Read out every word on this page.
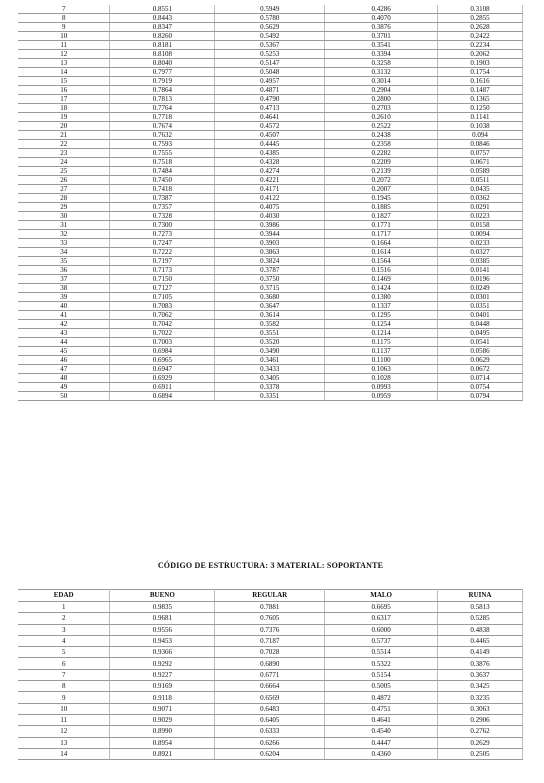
7	0.8551	0.5949	0.4286	0.3108
8	0.8443	0.5780	0.4070	0.2855
9	0.8347	0.5629	0.3876	0.2628
10	0.8260	0.5492	0.3701	0.2422
11	0.8181	0.5367	0.3541	0.2234
12	0.8108	0.5253	0.3394	0.2062
13	0.8040	0.5147	0.3258	0.1903
14	0.7977	0.5048	0.3132	0.1754
15	0.7919	0.4957	0.3014	0.1616
16	0.7864	0.4871	0.2904	0.1487
17	0.7813	0.4790	0.2800	0.1365
18	0.7764	0.4713	0.2703	0.1250
19	0.7718	0.4641	0.2610	0.1141
20	0.7674	0.4572	0.2522	0.1038
21	0.7632	0.4507	0.2438	0.094
22	0.7593	0.4445	0.2358	0.0846
23	0.7555	0.4385	0.2282	0.0757
24	0.7518	0.4328	0.2209	0.0671
25	0.7484	0.4274	0.2139	0.0589
26	0.7450	0.4221	0.2072	0.0511
27	0.7418	0.4171	0.2007	0.0435
28	0.7387	0.4122	0.1945	0.0362
29	0.7357	0.4075	0.1885	0.0291
30	0.7328	0.4030	0.1827	0.0223
31	0.7300	0.3986	0.1771	0.0158
32	0.7273	0.3944	0.1717	0.0094
33	0.7247	0.3903	0.1664	0.0233
34	0.7222	0.3863	0.1614	0.0327
35	0.7197	0.3824	0.1564	0.0385
36	0.7173	0.3787	0.1516	0.0141
37	0.7150	0.3750	0.1469	0.0196
38	0.7127	0.3715	0.1424	0.0249
39	0.7105	0.3680	0.1380	0.0301
40	0.7083	0.3647	0.1337	0.0351
41	0.7062	0.3614	0.1295	0.0401
42	0.7042	0.3582	0.1254	0.0448
43	0.7022	0.3551	0.1214	0.0495
44	0.7003	0.3520	0.1175	0.0541
45	0.6984	0.3490	0.1137	0.0586
46	0.6965	0.3461	0.1100	0.0629
47	0.6947	0.3433	0.1063	0.0672
48	0.6929	0.3405	0.1028	0.0714
49	0.6911	0.3378	0.0993	0.0754
50	0.6894	0.3351	0.0959	0.0794
CÓDIGO DE ESTRUCTURA: 3 MATERIAL: SOPORTANTE
EDAD	BUENO	REGULAR	MALO	RUINA
1	0.9835	0.7881	0.6695	0.5813
2	0.9681	0.7605	0.6317	0.5285
3	0.9556	0.7376	0.6000	0.4838
4	0.9453	0.7187	0.5737	0.4465
5	0.9366	0.7028	0.5514	0.4149
6	0.9292	0.6890	0.5322	0.3876
7	0.9227	0.6771	0.5154	0.3637
8	0.9169	0.6664	0.5005	0.3425
9	0.9118	0.6569	0.4872	0.3235
10	0.9071	0.6483	0.4751	0.3063
11	0.9029	0.6405	0.4641	0.2906
12	0.8990	0.6333	0.4540	0.2762
13	0.8954	0.6266	0.4447	0.2629
14	0.8921	0.6204	0.4360	0.2505
